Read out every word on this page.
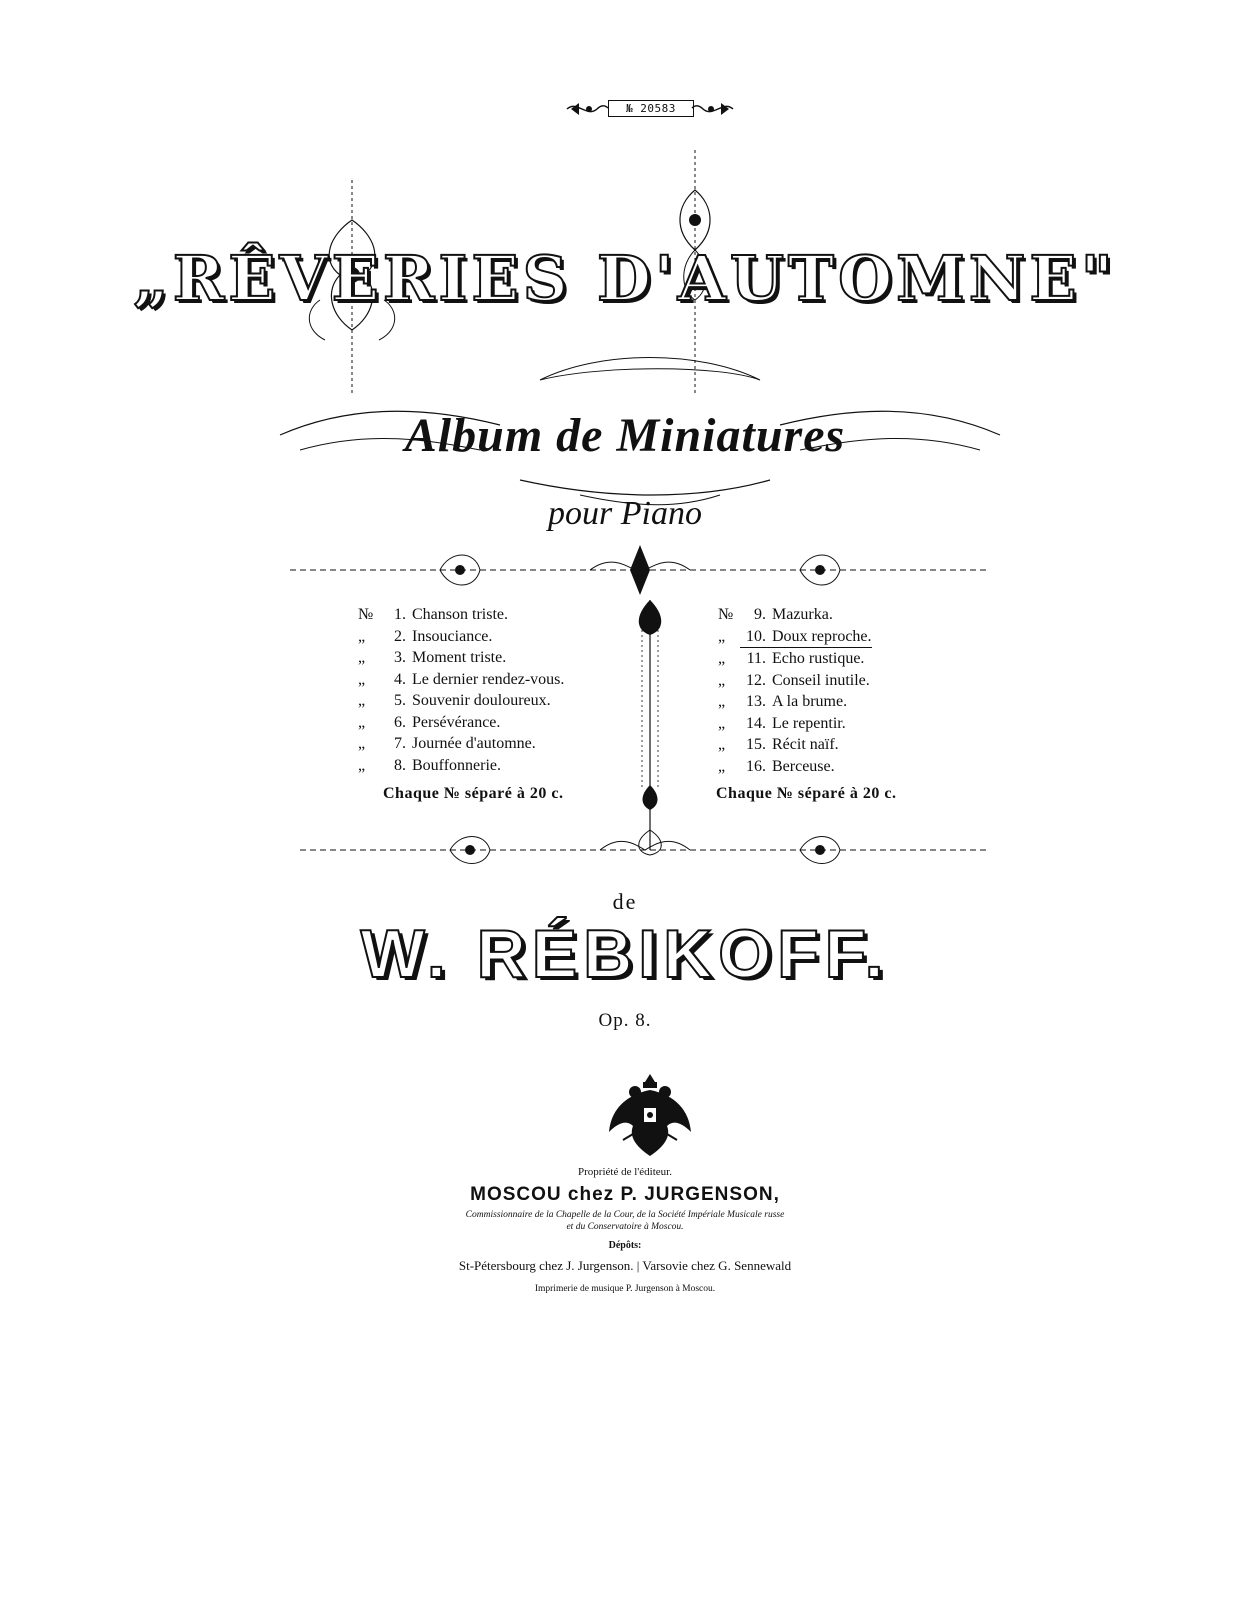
№ 20583
„RÊVERIES D'AUTOMNE"
Album de Miniatures
pour Piano
№	1. Chanson triste.
„	2. Insouciance.
„	3. Moment triste.
„	4. Le dernier rendez-vous.
„	5. Souvenir douloureux.
„	6. Persévérance.
„	7. Journée d'automne.
„	8. Bouffonnerie.
№	9. Mazurka.
„	10. Doux reproche.
„	11. Echo rustique.
„	12. Conseil inutile.
„	13. A la brume.
„	14. Le repentir.
„	15. Récit naïf.
„	16. Berceuse.
Chaque № séparé à 20 c.	Chaque № séparé à 20 c.
de
W. RÉBIKOFF.
Op. 8.
Propriété de l'éditeur.
MOSCOU chez P. JURGENSON,
Commissionnaire de la Chapelle de la Cour, de la Société Impériale Musicale russe
et du Conservatoire à Moscou.
Dépôts:
St-Pétersbourg chez J. Jurgenson. | Varsovie chez G. Sennewald
Imprimerie de musique P. Jurgenson à Moscou.
